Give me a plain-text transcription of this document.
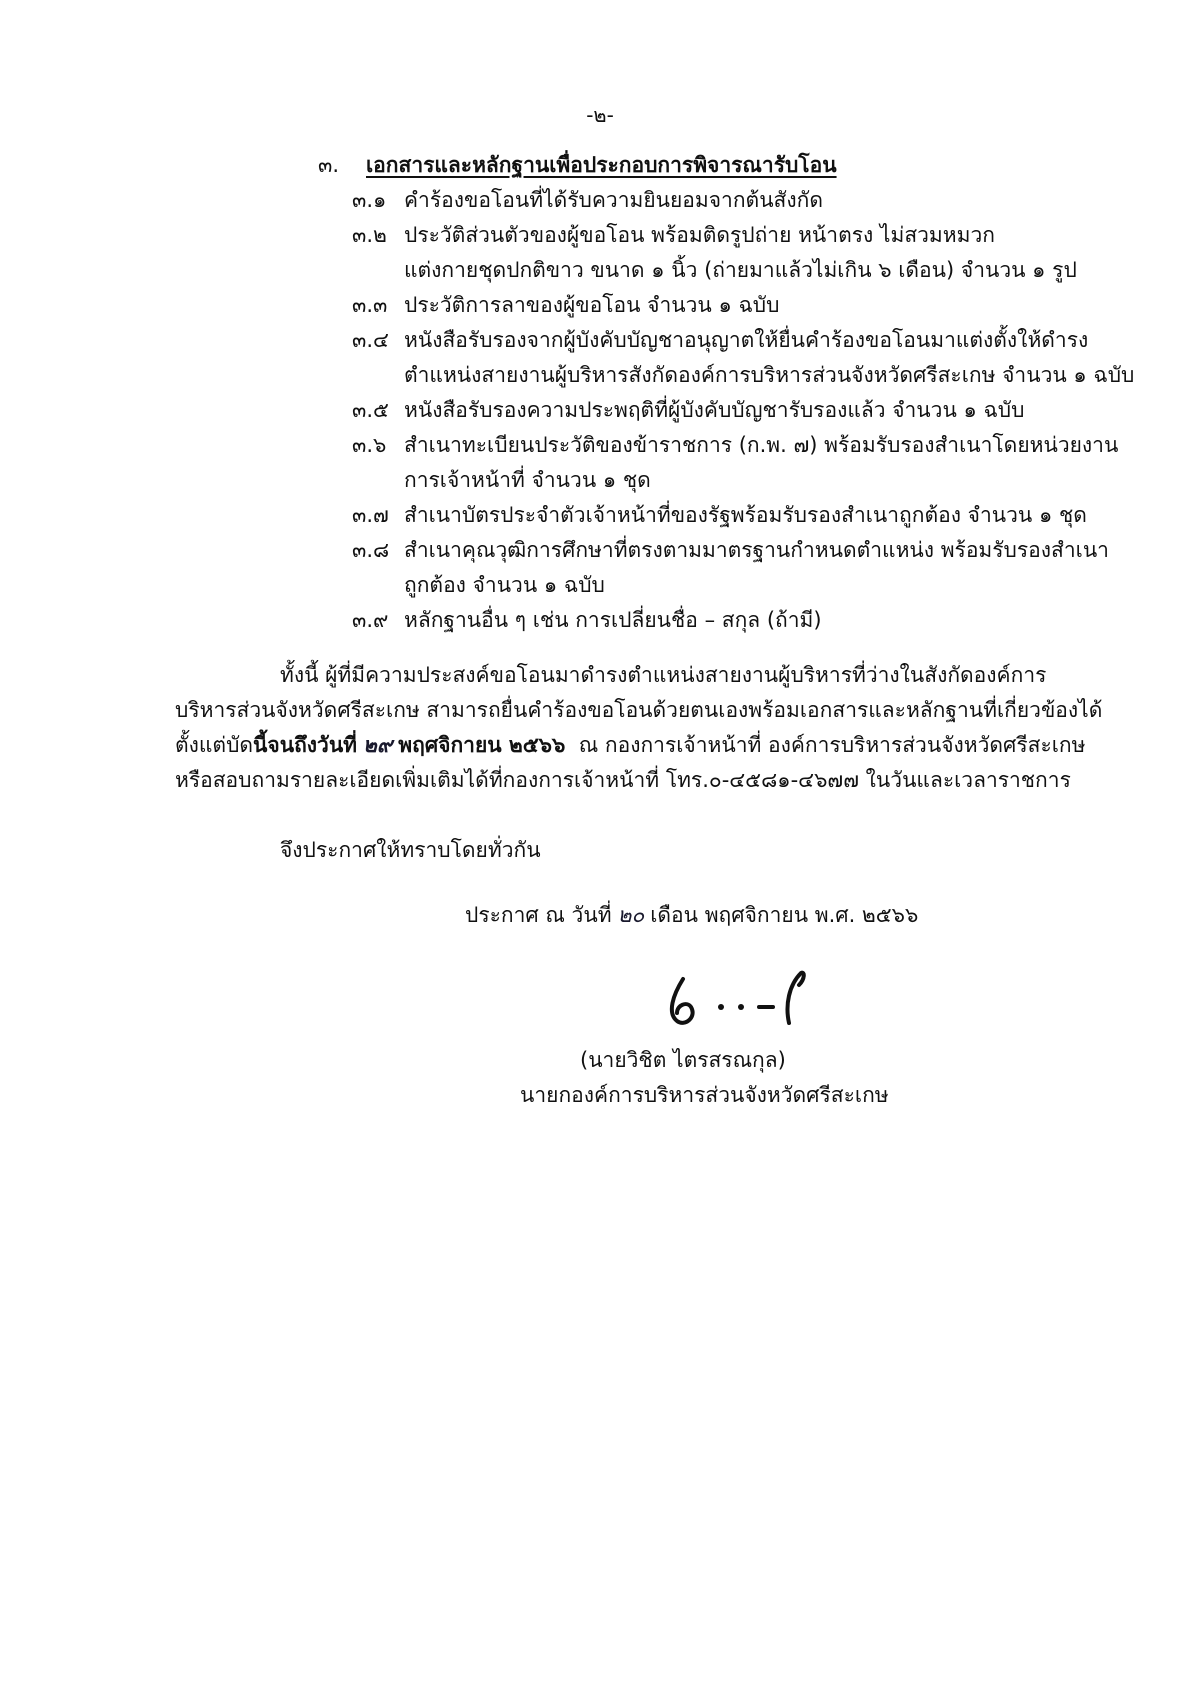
-๒-
๓. เอกสารและหลักฐานเพื่อประกอบการพิจารณารับโอน
๓.๑ คำร้องขอโอนที่ได้รับความยินยอมจากต้นสังกัด
๓.๒ ประวัติส่วนตัวของผู้ขอโอน พร้อมติดรูปถ่าย หน้าตรง ไม่สวมหมวก
แต่งกายชุดปกติขาว ขนาด ๑ นิ้ว (ถ่ายมาแล้วไม่เกิน ๖ เดือน) จำนวน ๑ รูป
๓.๓ ประวัติการลาของผู้ขอโอน จำนวน ๑ ฉบับ
๓.๔ หนังสือรับรองจากผู้บังคับบัญชาอนุญาตให้ยื่นคำร้องขอโอนมาแต่งตั้งให้ดำรง
ตำแหน่งสายงานผู้บริหารสังกัดองค์การบริหารส่วนจังหวัดศรีสะเกษ จำนวน ๑ ฉบับ
๓.๕ หนังสือรับรองความประพฤติที่ผู้บังคับบัญชารับรองแล้ว จำนวน ๑ ฉบับ
๓.๖ สำเนาทะเบียนประวัติของข้าราชการ (ก.พ. ๗) พร้อมรับรองสำเนาโดยหน่วยงาน
การเจ้าหน้าที่ จำนวน ๑ ชุด
๓.๗ สำเนาบัตรประจำตัวเจ้าหน้าที่ของรัฐพร้อมรับรองสำเนาถูกต้อง จำนวน ๑ ชุด
๓.๘ สำเนาคุณวุฒิการศึกษาที่ตรงตามมาตรฐานกำหนดตำแหน่ง พร้อมรับรองสำเนา
ถูกต้อง จำนวน ๑ ฉบับ
๓.๙ หลักฐานอื่น ๆ เช่น การเปลี่ยนชื่อ – สกุล (ถ้ามี)
ทั้งนี้ ผู้ที่มีความประสงค์ขอโอนมาดำรงตำแหน่งสายงานผู้บริหารที่ว่างในสังกัดองค์การ
บริหารส่วนจังหวัดศรีสะเกษ สามารถยื่นคำร้องขอโอนด้วยตนเองพร้อมเอกสารและหลักฐานที่เกี่ยวข้องได้
ตั้งแต่บัดนี้จนถึงวันที่ ๒๙ พฤศจิกายน ๒๕๖๖ ณ กองการเจ้าหน้าที่ องค์การบริหารส่วนจังหวัดศรีสะเกษ
หรือสอบถามรายละเอียดเพิ่มเติมได้ที่กองการเจ้าหน้าที่ โทร.๐-๔๕๘๑-๔๖๗๗ ในวันและเวลาราชการ
จึงประกาศให้ทราบโดยทั่วกัน
ประกาศ ณ วันที่ ๒๐ เดือน พฤศจิกายน พ.ศ. ๒๕๖๖
(นายวิชิต ไตรสรณกุล)
นายกองค์การบริหารส่วนจังหวัดศรีสะเกษ
